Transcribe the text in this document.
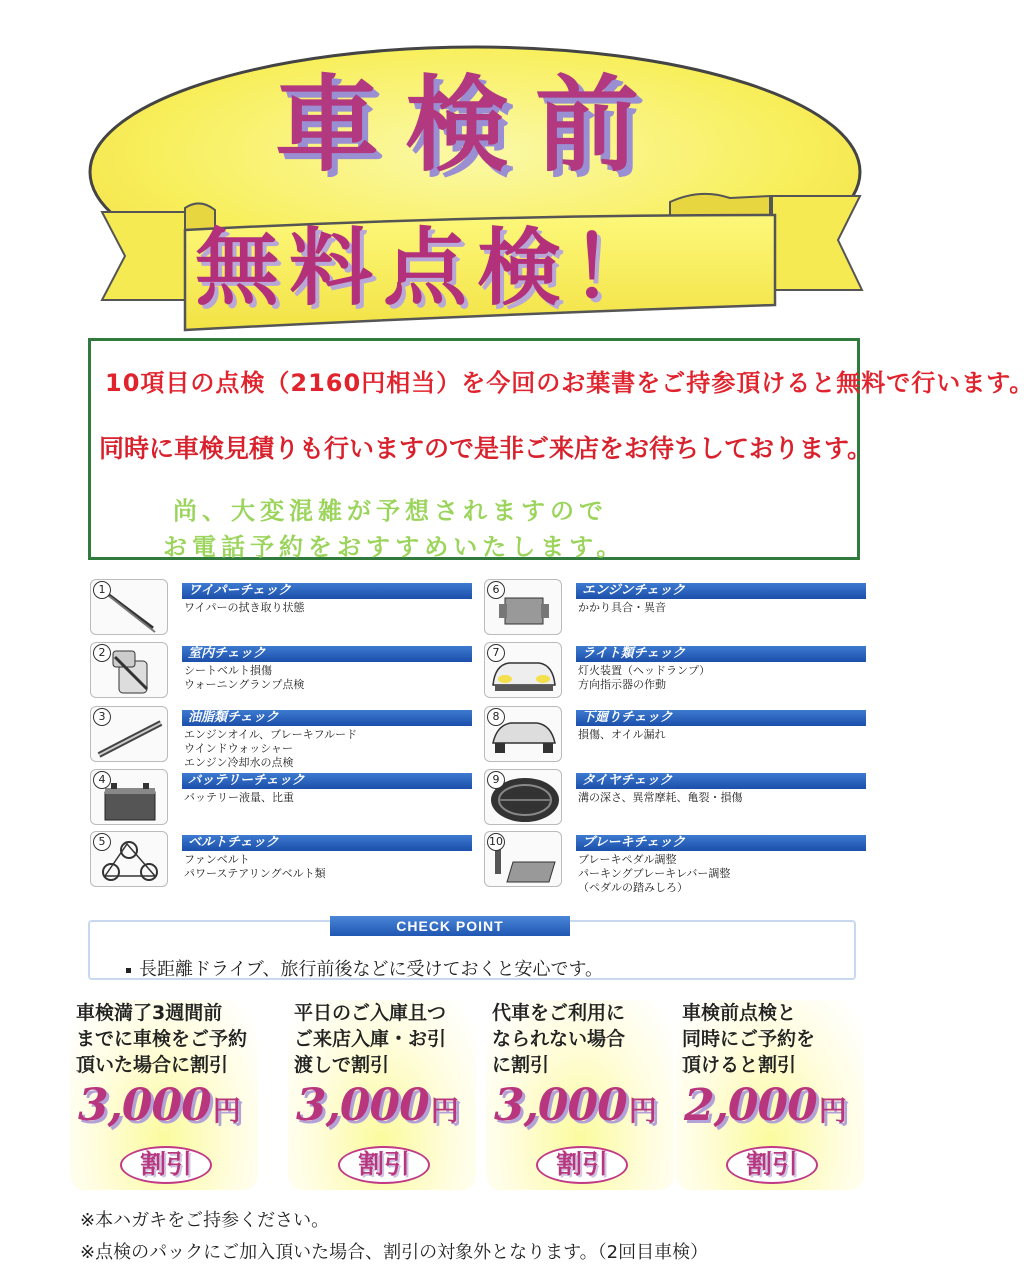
車検前
無料点検！
10項目の点検（2160円相当）を今回のお葉書をご持参頂けると無料で行います。
同時に車検見積りも行いますので是非ご来店をお待ちしております。
尚、大変混雑が予想されますので
お電話予約をおすすめいたします。
1	ワイパーチェック
ワイパーの拭き取り状態
2	室内チェック
シートベルト損傷
ウォーニングランプ点検
3	油脂類チェック
エンジンオイル、ブレーキフルード
ウインドウォッシャー
エンジン冷却水の点検
4	バッテリーチェック
バッテリー液量、比重
5	ベルトチェック
ファンベルト
パワーステアリングベルト類
6	エンジンチェック
かかり具合・異音
7	ライト類チェック
灯火装置（ヘッドランプ）
方向指示器の作動
8	下廻りチェック
損傷、オイル漏れ
9	タイヤチェック
溝の深さ、異常摩耗、亀裂・損傷
10	ブレーキチェック
ブレーキペダル調整
パーキングブレーキレバー調整
（ペダルの踏みしろ）
CHECK POINT
長距離ドライブ、旅行前後などに受けておくと安心です。
車検満了3週間前
までに車検をご予約
頂いた場合に割引
3,000円
割引
平日のご入庫且つ
ご来店入庫・お引
渡しで割引
3,000円
割引
代車をご利用に
なられない場合
に割引
3,000円
割引
車検前点検と
同時にご予約を
頂けると割引
2,000円
割引
※本ハガキをご持参ください。
※点検のパックにご加入頂いた場合、割引の対象外となります。（2回目車検）
